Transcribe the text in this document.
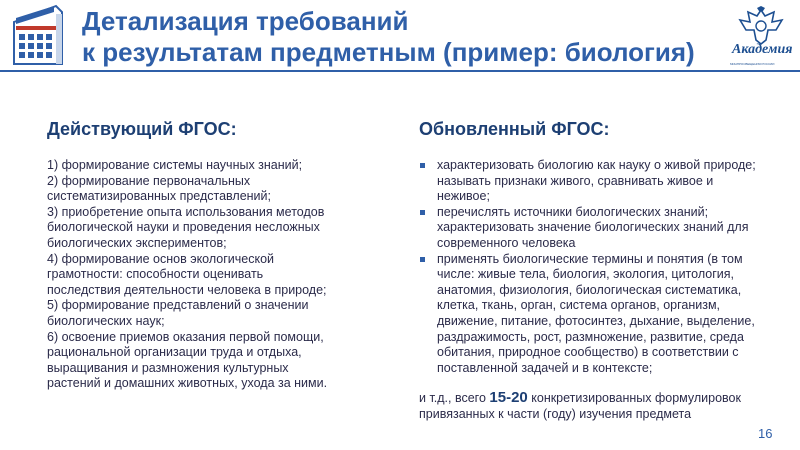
Детализация требований
к результатам предметным (пример: биология)	Академия
МИНПРОСВЕЩЕНИЯ РОССИИ
Действующий ФГОС:
1) формирование системы научных знаний;
2) формирование первоначальных
систематизированных представлений;
3) приобретение опыта использования методов
биологической науки и проведения несложных
биологических экспериментов;
4) формирование основ экологической
грамотности: способности оценивать
последствия деятельности человека в природе;
5) формирование представлений о значении
биологических наук;
6) освоение приемов оказания первой помощи,
рациональной организации труда и отдыха,
выращивания и размножения культурных
растений и домашних животных, ухода за ними.
Обновленный ФГОС:
характеризовать биологию как науку о живой природе;
называть признаки живого, сравнивать живое и
неживое;
перечислять источники биологических знаний;
характеризовать значение биологических знаний для
современного человека
применять биологические термины и понятия (в том
числе: живые тела, биология, экология, цитология,
анатомия, физиология, биологическая систематика,
клетка, ткань, орган, система органов, организм,
движение, питание, фотосинтез, дыхание, выделение,
раздражимость, рост, размножение, развитие, среда
обитания, природное сообщество) в соответствии с
поставленной задачей и в контексте;
и т.д., всего 15-20 конкретизированных формулировок
привязанных к части (году) изучения предмета
16
